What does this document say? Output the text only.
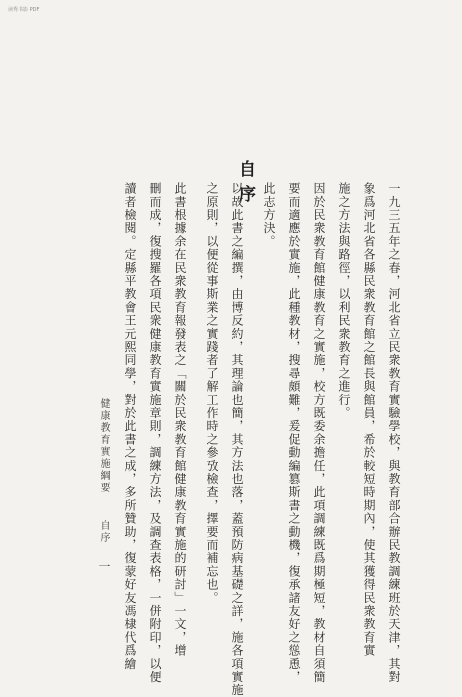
读秀书影 PDF
自序	一九三五年之春，河北省立民衆教育實驗學校，與教育部合辦民教調練班於天津，其對
象爲河北省各縣民衆教育館之館長與館員，希於較短時期內，使其獲得民衆教育實
施之方法與路徑，以利民衆教育之進行。
因於民衆教育館健康教育之實施，校方既委余擔任，此項調練既爲期極短，教材自須簡
要而適應於實施，此種教材，搜尋頗難，爰促動編篡斯書之動機，復承諸友好之慫恿，
此志方決。
以故此書之編撰，由博反約，其理論也簡，其方法也落，蓋預防病基礎之詳，施各項實施
之原則，以便從事斯業之實踐者了解工作時之參攷檢查，擇要而補忘也。
此書根據余在民衆教育報發表之「關於民衆教育館健康教育實施的研討」一文，增
刪而成，復搜羅各項民衆健康教育實施章則，調練方法，及調查表格，一併附印，以便
讀者檢閱。定縣平教會王元熙同學，對於此書之成，多所贊助，復蒙好友馮棣代爲繪
健康教育實施綱要
自序
一
